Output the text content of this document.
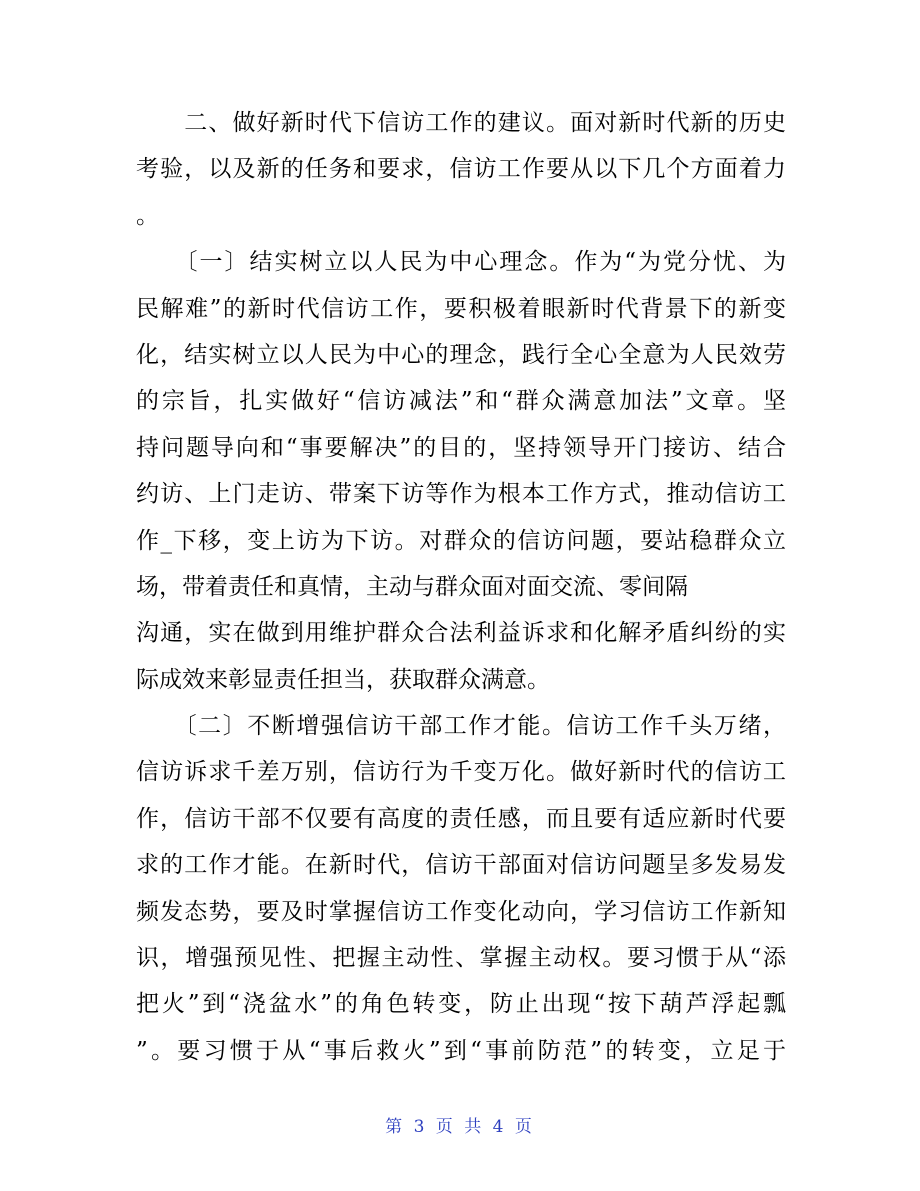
　　二、做好新时代下信访工作的建议。面对新时代新的历史
考验，以及新的任务和要求，信访工作要从以下几个方面着力
。
　　〔一〕结实树立以人民为中心理念。作为“为党分忧、为
民解难”的新时代信访工作，要积极着眼新时代背景下的新变
化，结实树立以人民为中心的理念，践行全心全意为人民效劳
的宗旨，扎实做好“信访减法”和“群众满意加法”文章。坚
持问题导向和“事要解决”的目的，坚持领导开门接访、结合
约访、上门走访、带案下访等作为根本工作方式，推动信访工
作_下移，变上访为下访。对群众的信访问题，要站稳群众立
场，带着责任和真情，主动与群众面对面交流、零间隔
沟通，实在做到用维护群众合法利益诉求和化解矛盾纠纷的实
际成效来彰显责任担当，获取群众满意。
　　〔二〕不断增强信访干部工作才能。信访工作千头万绪，
信访诉求千差万别，信访行为千变万化。做好新时代的信访工
作，信访干部不仅要有高度的责任感，而且要有适应新时代要
求的工作才能。在新时代，信访干部面对信访问题呈多发易发
频发态势，要及时掌握信访工作变化动向，学习信访工作新知
识，增强预见性、把握主动性、掌握主动权。要习惯于从“添
把火”到“浇盆水”的角色转变，防止出现“按下葫芦浮起瓢
”。要习惯于从“事后救火”到“事前防范”的转变，立足于
第 3 页 共 4 页
